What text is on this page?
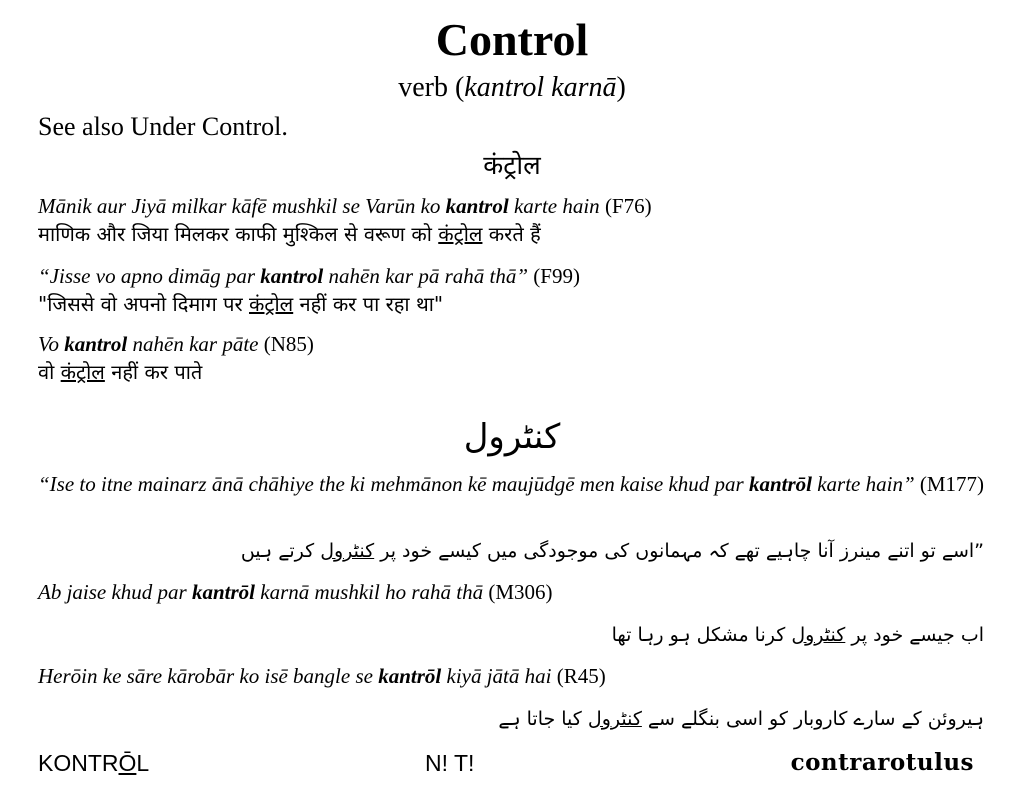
Control
verb (kantrol karnā)
See also Under Control.
कंट्रोल
Mānik aur Jiyā milkar kāfē mushkil se Varūn ko kantrol karte hain (F76)
माणिक और जिया मिलकर काफी मुश्किल से वरूण को कंट्रोल करते हैं
“Jisse vo apno dimāg par kantrol nahēn kar pā rahā thā” (F99)
"जिससे वो अपनो दिमाग पर कंट्रोल नहीं कर पा रहा था"
Vo kantrol nahēn kar pāte (N85)
वो कंट्रोल नहीं कर पाते
کنٹرول
“Ise to itne mainarz ānā chāhiye the ki mehmānon kē maujūdgē men kaise khud par kantrōl karte hain” (M177)
”اسے تو اتنے مینرز آنا چاہیے تھے کہ مہمانوں کی موجودگی میں کیسے خود پر کنٹرول کرتے ہیں
Ab jaise khud par kantrōl karnā mushkil ho rahā thā (M306)
اب جیسے خود پر کنٹرول کرنا مشکل ہو رہا تھا
Herōin ke sāre kārobār ko isē bangle se kantrōl kiyā jātā hai (R45)
ہیروئن کے سارے کاروبار کو اسی بنگلے سے کنٹرول کیا جاتا ہے
KONTRŌL	N! T!	contrarotulus
